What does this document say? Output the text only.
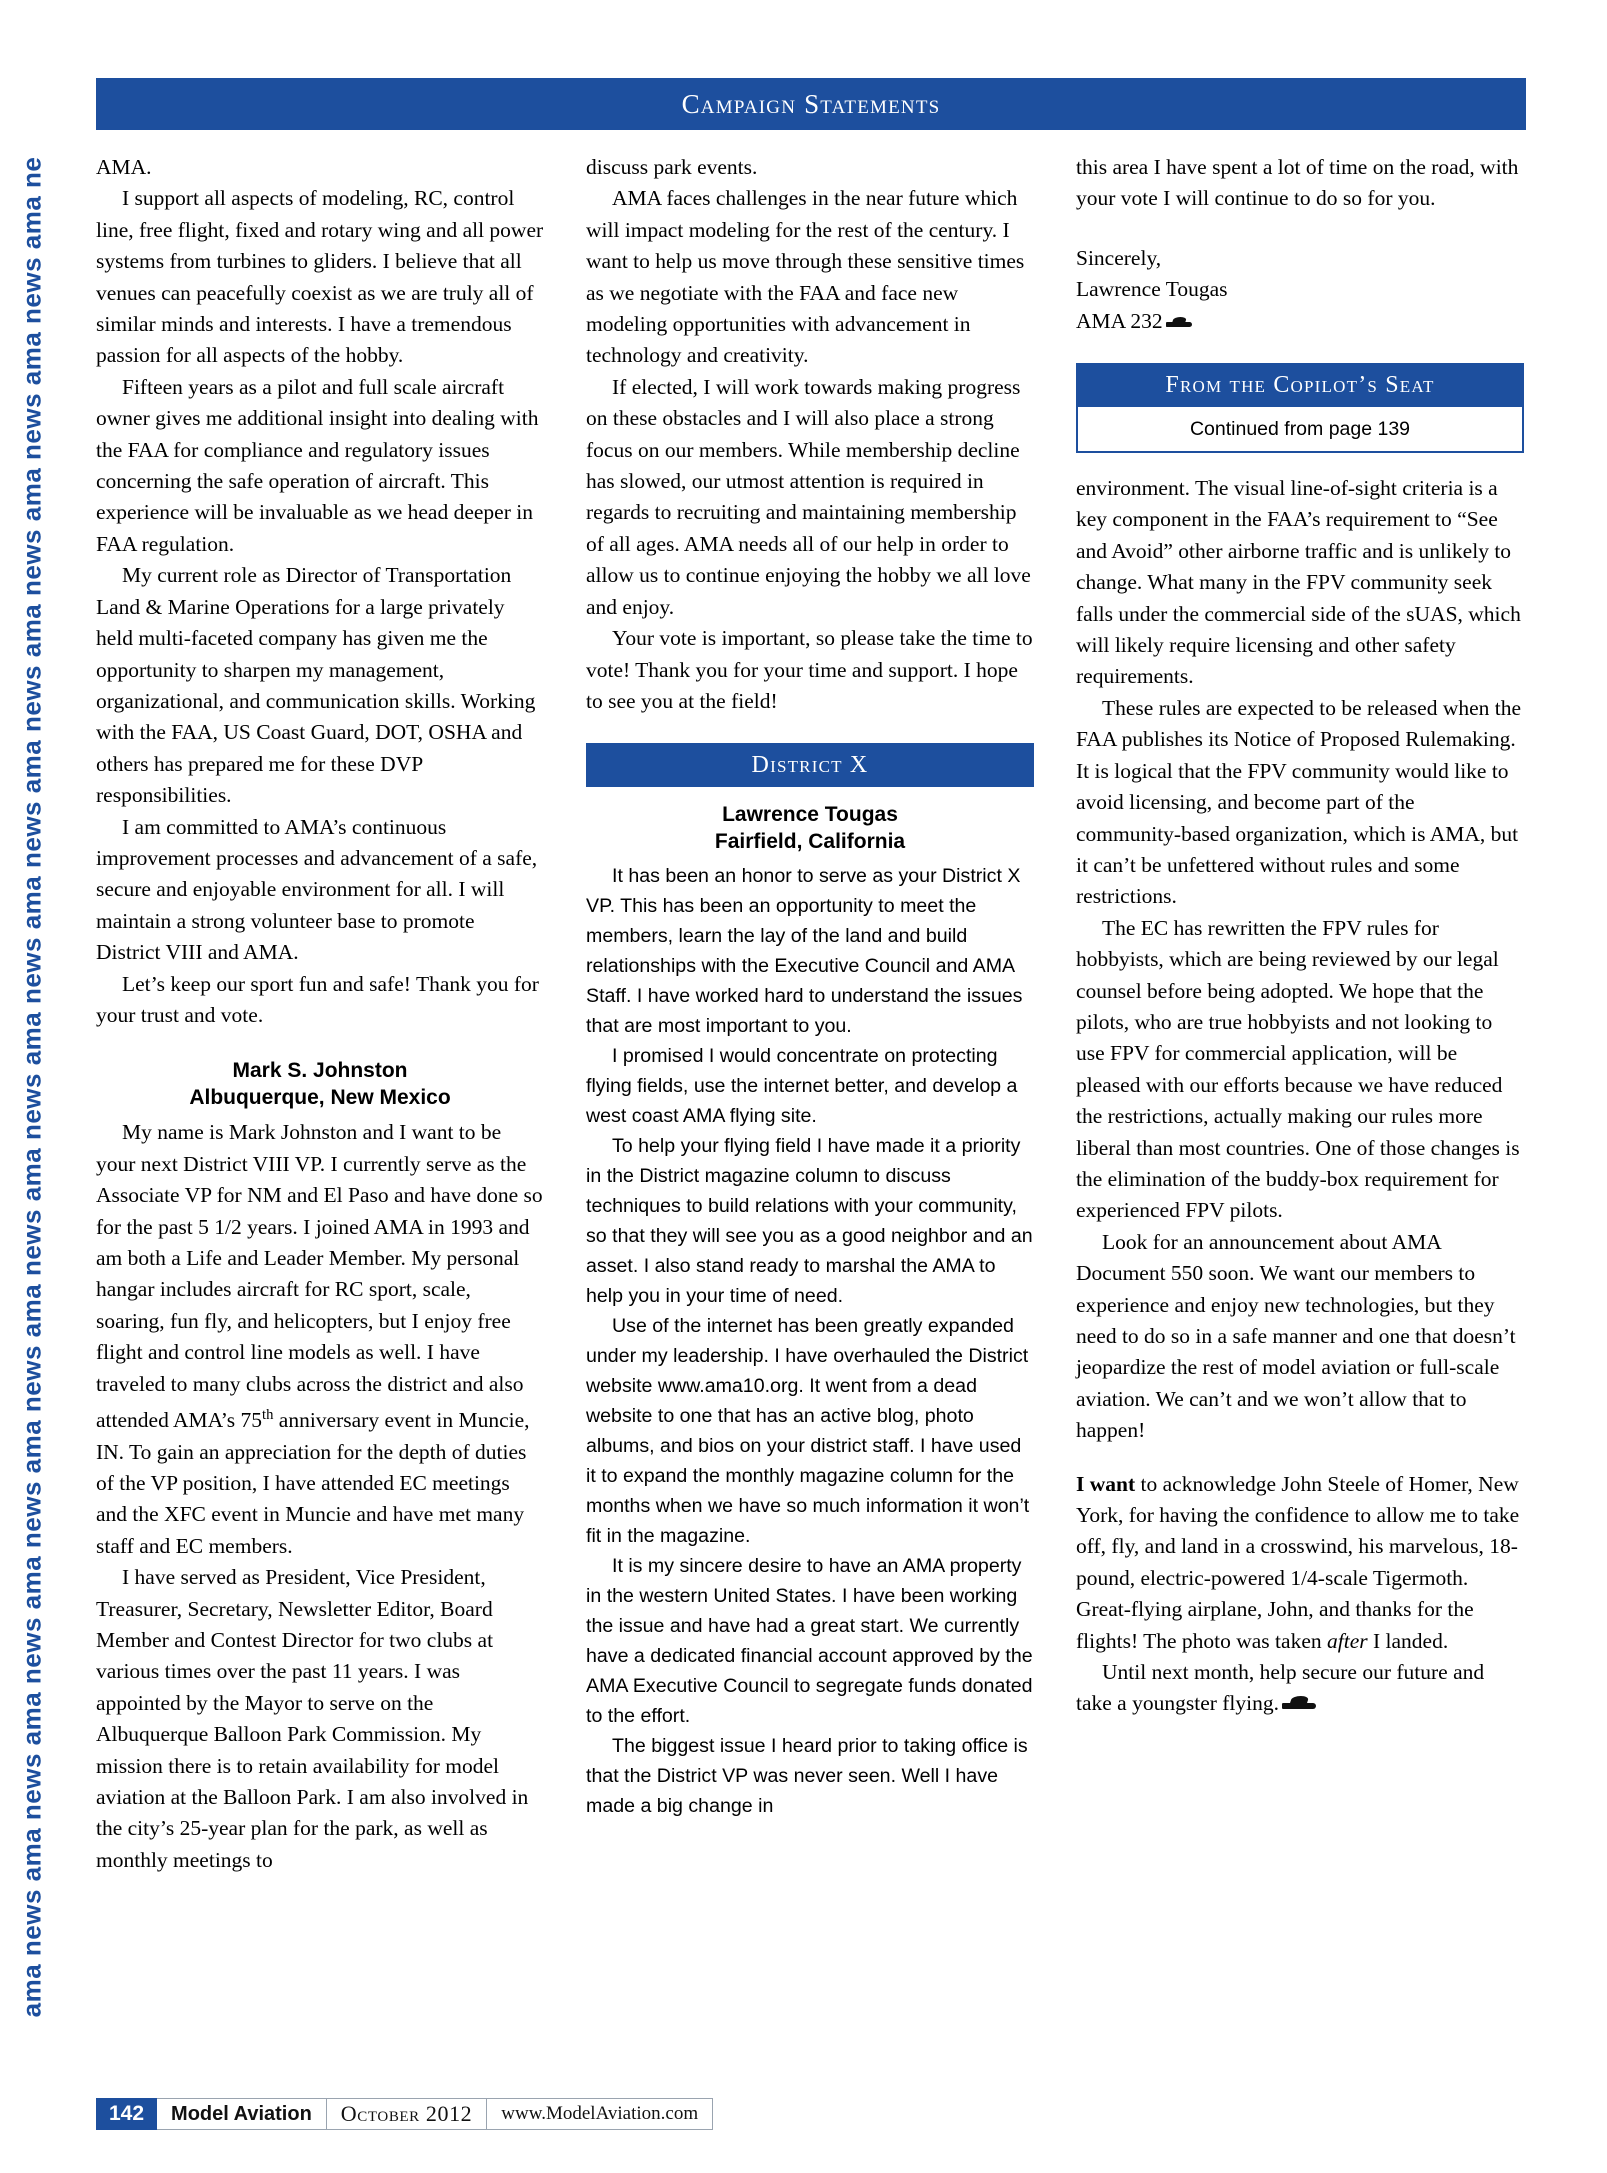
ama news ama news ama news ama news ama news ama news ama news ama news ama news ama news ama news ama news ama news ama ne
Campaign Statements

AMA.

I support all aspects of modeling, RC, control line, free flight, fixed and rotary wing and all power systems from turbines to gliders. I believe that all venues can peacefully coexist as we are truly all of similar minds and interests. I have a tremendous passion for all aspects of the hobby.

Fifteen years as a pilot and full scale aircraft owner gives me additional insight into dealing with the FAA for compliance and regulatory issues concerning the safe operation of aircraft. This experience will be invaluable as we head deeper in FAA regulation.

My current role as Director of Transportation Land & Marine Operations for a large privately held multi-faceted company has given me the opportunity to sharpen my management, organizational, and communication skills. Working with the FAA, US Coast Guard, DOT, OSHA and others has prepared me for these DVP responsibilities.

I am committed to AMA’s continuous improvement processes and advancement of a safe, secure and enjoyable environment for all. I will maintain a strong volunteer base to promote District VIII and AMA.

Let’s keep our sport fun and safe! Thank you for your trust and vote.

Mark S. Johnston
Albuquerque, New Mexico

My name is Mark Johnston and I want to be your next District VIII VP. I currently serve as the Associate VP for NM and El Paso and have done so for the past 5 1/2 years. I joined AMA in 1993 and am both a Life and Leader Member. My personal hangar includes aircraft for RC sport, scale, soaring, fun fly, and helicopters, but I enjoy free flight and control line models as well. I have traveled to many clubs across the district and also attended AMA’s 75th anniversary event in Muncie, IN. To gain an appreciation for the depth of duties of the VP position, I have attended EC meetings and the XFC event in Muncie and have met many staff and EC members.

I have served as President, Vice President, Treasurer, Secretary, Newsletter Editor, Board Member and Contest Director for two clubs at various times over the past 11 years. I was appointed by the Mayor to serve on the Albuquerque Balloon Park Commission. My mission there is to retain availability for model aviation at the Balloon Park. I am also involved in the city’s 25-year plan for the park, as well as monthly meetings to

discuss park events.

AMA faces challenges in the near future which will impact modeling for the rest of the century. I want to help us move through these sensitive times as we negotiate with the FAA and face new modeling opportunities with advancement in technology and creativity.

If elected, I will work towards making progress on these obstacles and I will also place a strong focus on our members. While membership decline has slowed, our utmost attention is required in regards to recruiting and maintaining membership of all ages. AMA needs all of our help in order to allow us to continue enjoying the hobby we all love and enjoy.

Your vote is important, so please take the time to vote! Thank you for your time and support. I hope to see you at the field!

District X
Lawrence Tougas
Fairfield, California

It has been an honor to serve as your District X VP. This has been an opportunity to meet the members, learn the lay of the land and build relationships with the Executive Council and AMA Staff. I have worked hard to understand the issues that are most important to you.

I promised I would concentrate on protecting flying fields, use the internet better, and develop a west coast AMA flying site.

To help your flying field I have made it a priority in the District magazine column to discuss techniques to build relations with your community, so that they will see you as a good neighbor and an asset. I also stand ready to marshal the AMA to help you in your time of need.

Use of the internet has been greatly expanded under my leadership. I have overhauled the District website www.ama10.org. It went from a dead website to one that has an active blog, photo albums, and bios on your district staff. I have used it to expand the monthly magazine column for the months when we have so much information it won’t fit in the magazine.

It is my sincere desire to have an AMA property in the western United States. I have been working the issue and have had a great start. We currently have a dedicated financial account approved by the AMA Executive Council to segregate funds donated to the effort.

The biggest issue I heard prior to taking office is that the District VP was never seen. Well I have made a big change in

this area I have spent a lot of time on the road, with your vote I will continue to do so for you.

Sincerely,
Lawrence Tougas
AMA 232

From the Copilot’s Seat
Continued from page 139

environment. The visual line-of-sight criteria is a key component in the FAA’s requirement to “See and Avoid” other airborne traffic and is unlikely to change. What many in the FPV community seek falls under the commercial side of the sUAS, which will likely require licensing and other safety requirements.

These rules are expected to be released when the FAA publishes its Notice of Proposed Rulemaking. It is logical that the FPV community would like to avoid licensing, and become part of the community-based organization, which is AMA, but it can’t be unfettered without rules and some restrictions.

The EC has rewritten the FPV rules for hobbyists, which are being reviewed by our legal counsel before being adopted. We hope that the pilots, who are true hobbyists and not looking to use FPV for commercial application, will be pleased with our efforts because we have reduced the restrictions, actually making our rules more liberal than most countries. One of those changes is the elimination of the buddy-box requirement for experienced FPV pilots.

Look for an announcement about AMA Document 550 soon. We want our members to experience and enjoy new technologies, but they need to do so in a safe manner and one that doesn’t jeopardize the rest of model aviation or full-scale aviation. We can’t and we won’t allow that to happen!

I want to acknowledge John Steele of Homer, New York, for having the confidence to allow me to take off, fly, and land in a crosswind, his marvelous, 18-pound, electric-powered 1/4-scale Tigermoth. Great-flying airplane, John, and thanks for the flights! The photo was taken after I landed.

Until next month, help secure our future and take a youngster flying.

142	Model Aviation	October 2012	www.ModelAviation.com
